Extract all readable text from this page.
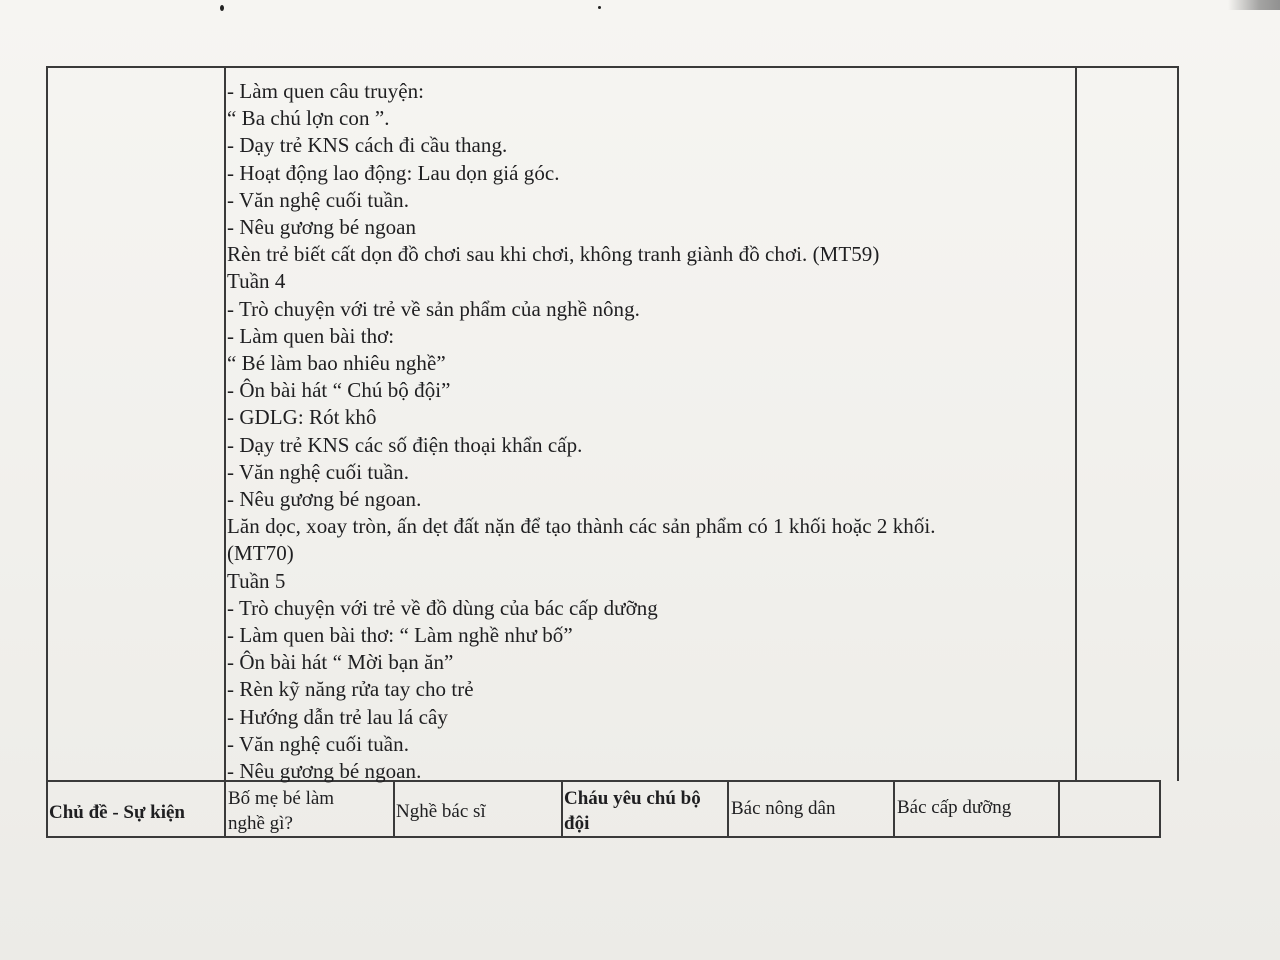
- Làm quen câu truyện:
“ Ba chú lợn con ”.
- Dạy trẻ KNS cách đi cầu thang.
- Hoạt động lao động: Lau dọn giá góc.
- Văn nghệ cuối tuần.
- Nêu gương bé ngoan
Rèn trẻ biết cất dọn đồ chơi sau khi chơi, không tranh giành đồ chơi. (MT59)
Tuần 4
- Trò chuyện với trẻ về sản phẩm của nghề nông.
- Làm quen bài thơ:
“ Bé làm bao nhiêu nghề”
- Ôn bài hát “ Chú bộ đội”
- GDLG: Rót khô
- Dạy trẻ KNS các số điện thoại khẩn cấp.
- Văn nghệ cuối tuần.
- Nêu gương bé ngoan.
Lăn dọc, xoay tròn, ấn dẹt đất nặn để tạo thành các sản phẩm có 1 khối hoặc 2 khối.
(MT70)
Tuần 5
- Trò chuyện với trẻ về đồ dùng của bác cấp dưỡng
- Làm quen bài thơ: “ Làm nghề như bố”
- Ôn bài hát “ Mời bạn ăn”
- Rèn kỹ năng rửa tay cho trẻ
- Hướng dẫn trẻ lau lá cây
- Văn nghệ cuối tuần.
- Nêu gương bé ngoan.
Chủ đề - Sự kiện
Bố mẹ bé làm
nghề gì?
Nghề bác sĩ
Cháu yêu chú bộ
đội
Bác nông dân	Bác cấp dưỡng
